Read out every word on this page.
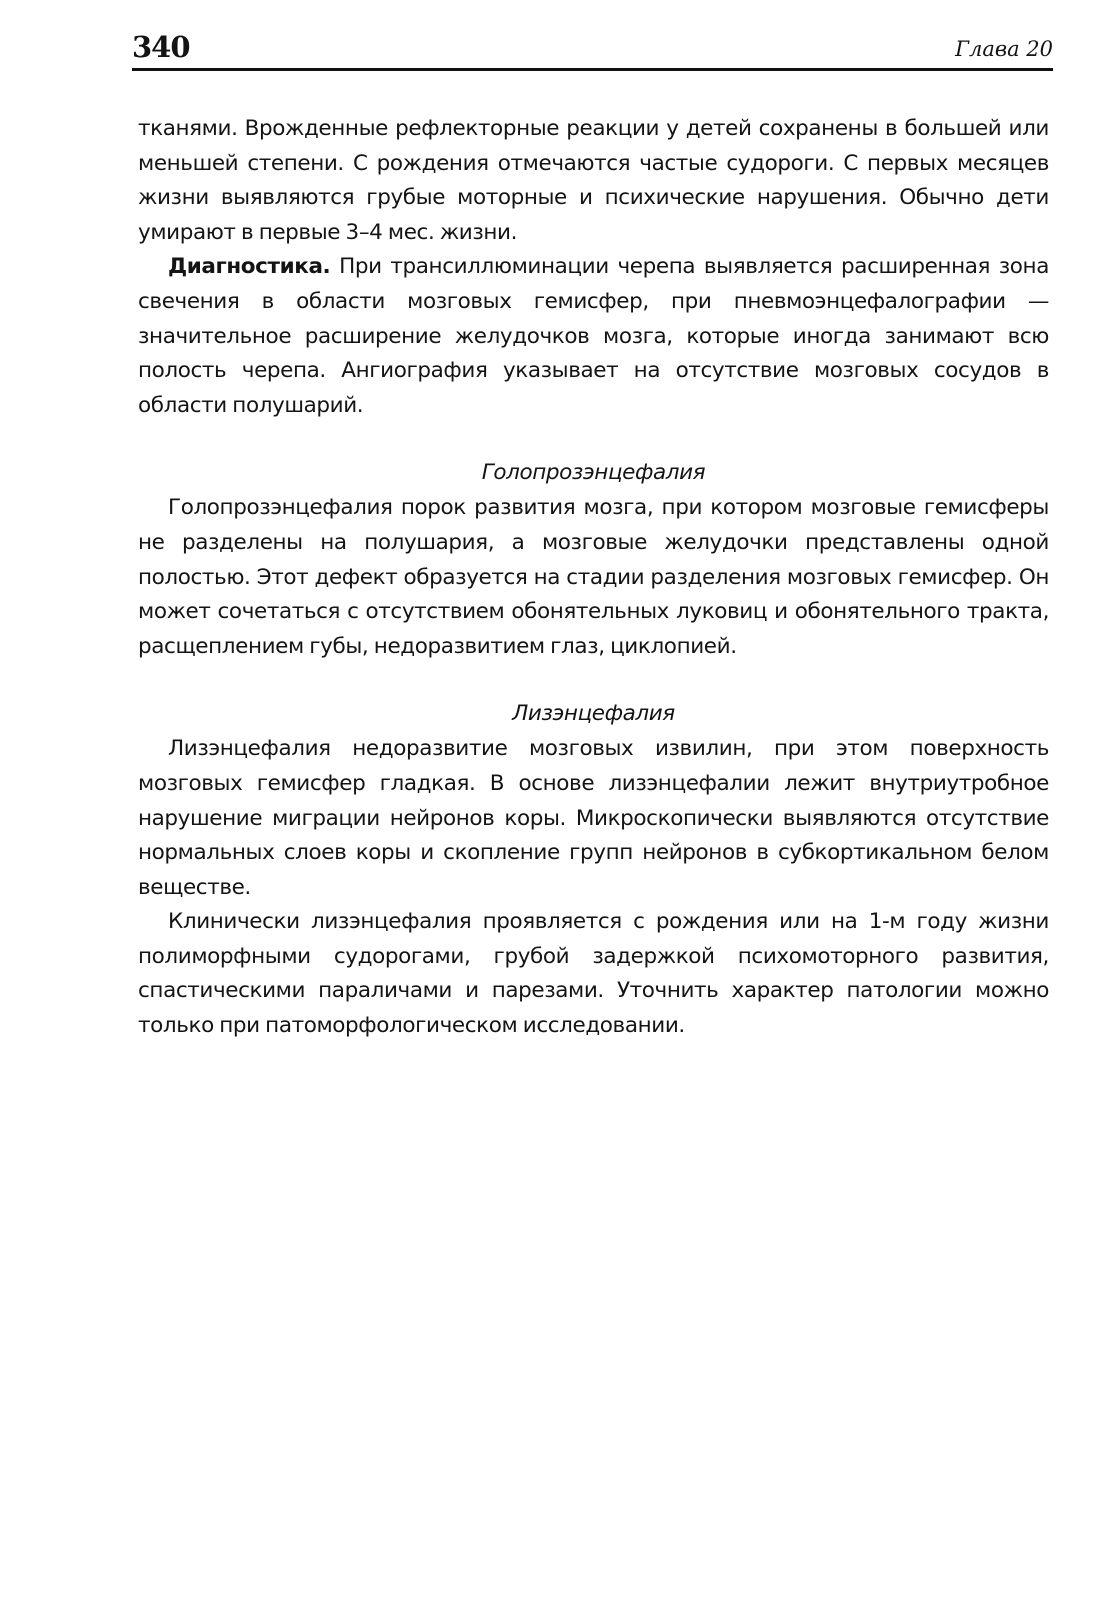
340	Глава 20

тканями. Врожденные рефлекторные реакции у детей сохранены в большей или меньшей степени. С рождения отмечаются частые судороги. С первых месяцев жизни выявляются грубые моторные и психические нарушения. Обычно дети умирают в первые 3–4 мес. жизни.

Диагностика. При трансиллюминации черепа выявляется расширенная зона свечения в области мозговых гемисфер, при пневмоэнцефалографии — значительное расширение желудочков мозга, которые иногда занимают всю полость черепа. Ангиография указывает на отсутствие мозговых сосудов в области полушарий.

Голопрозэнцефалия

Голопрозэнцефалия порок развития мозга, при котором мозговые гемисферы не разделены на полушария, а мозговые желудочки представлены одной полостью. Этот дефект образуется на стадии разделения мозговых гемисфер. Он может сочетаться с отсутствием обонятельных луковиц и обонятельного тракта, расщеплением губы, недоразвитием глаз, циклопией.

Лизэнцефалия

Лизэнцефалия недоразвитие мозговых извилин, при этом поверхность мозговых гемисфер гладкая. В основе лизэнцефалии лежит внутриутробное нарушение миграции нейронов коры. Микроскопически выявляются отсутствие нормальных слоев коры и скопление групп нейронов в субкортикальном белом веществе.

Клинически лизэнцефалия проявляется с рождения или на 1-м году жизни полиморфными судорогами, грубой задержкой психомоторного развития, спастическими параличами и парезами. Уточнить характер патологии можно только при патоморфологическом исследовании.
